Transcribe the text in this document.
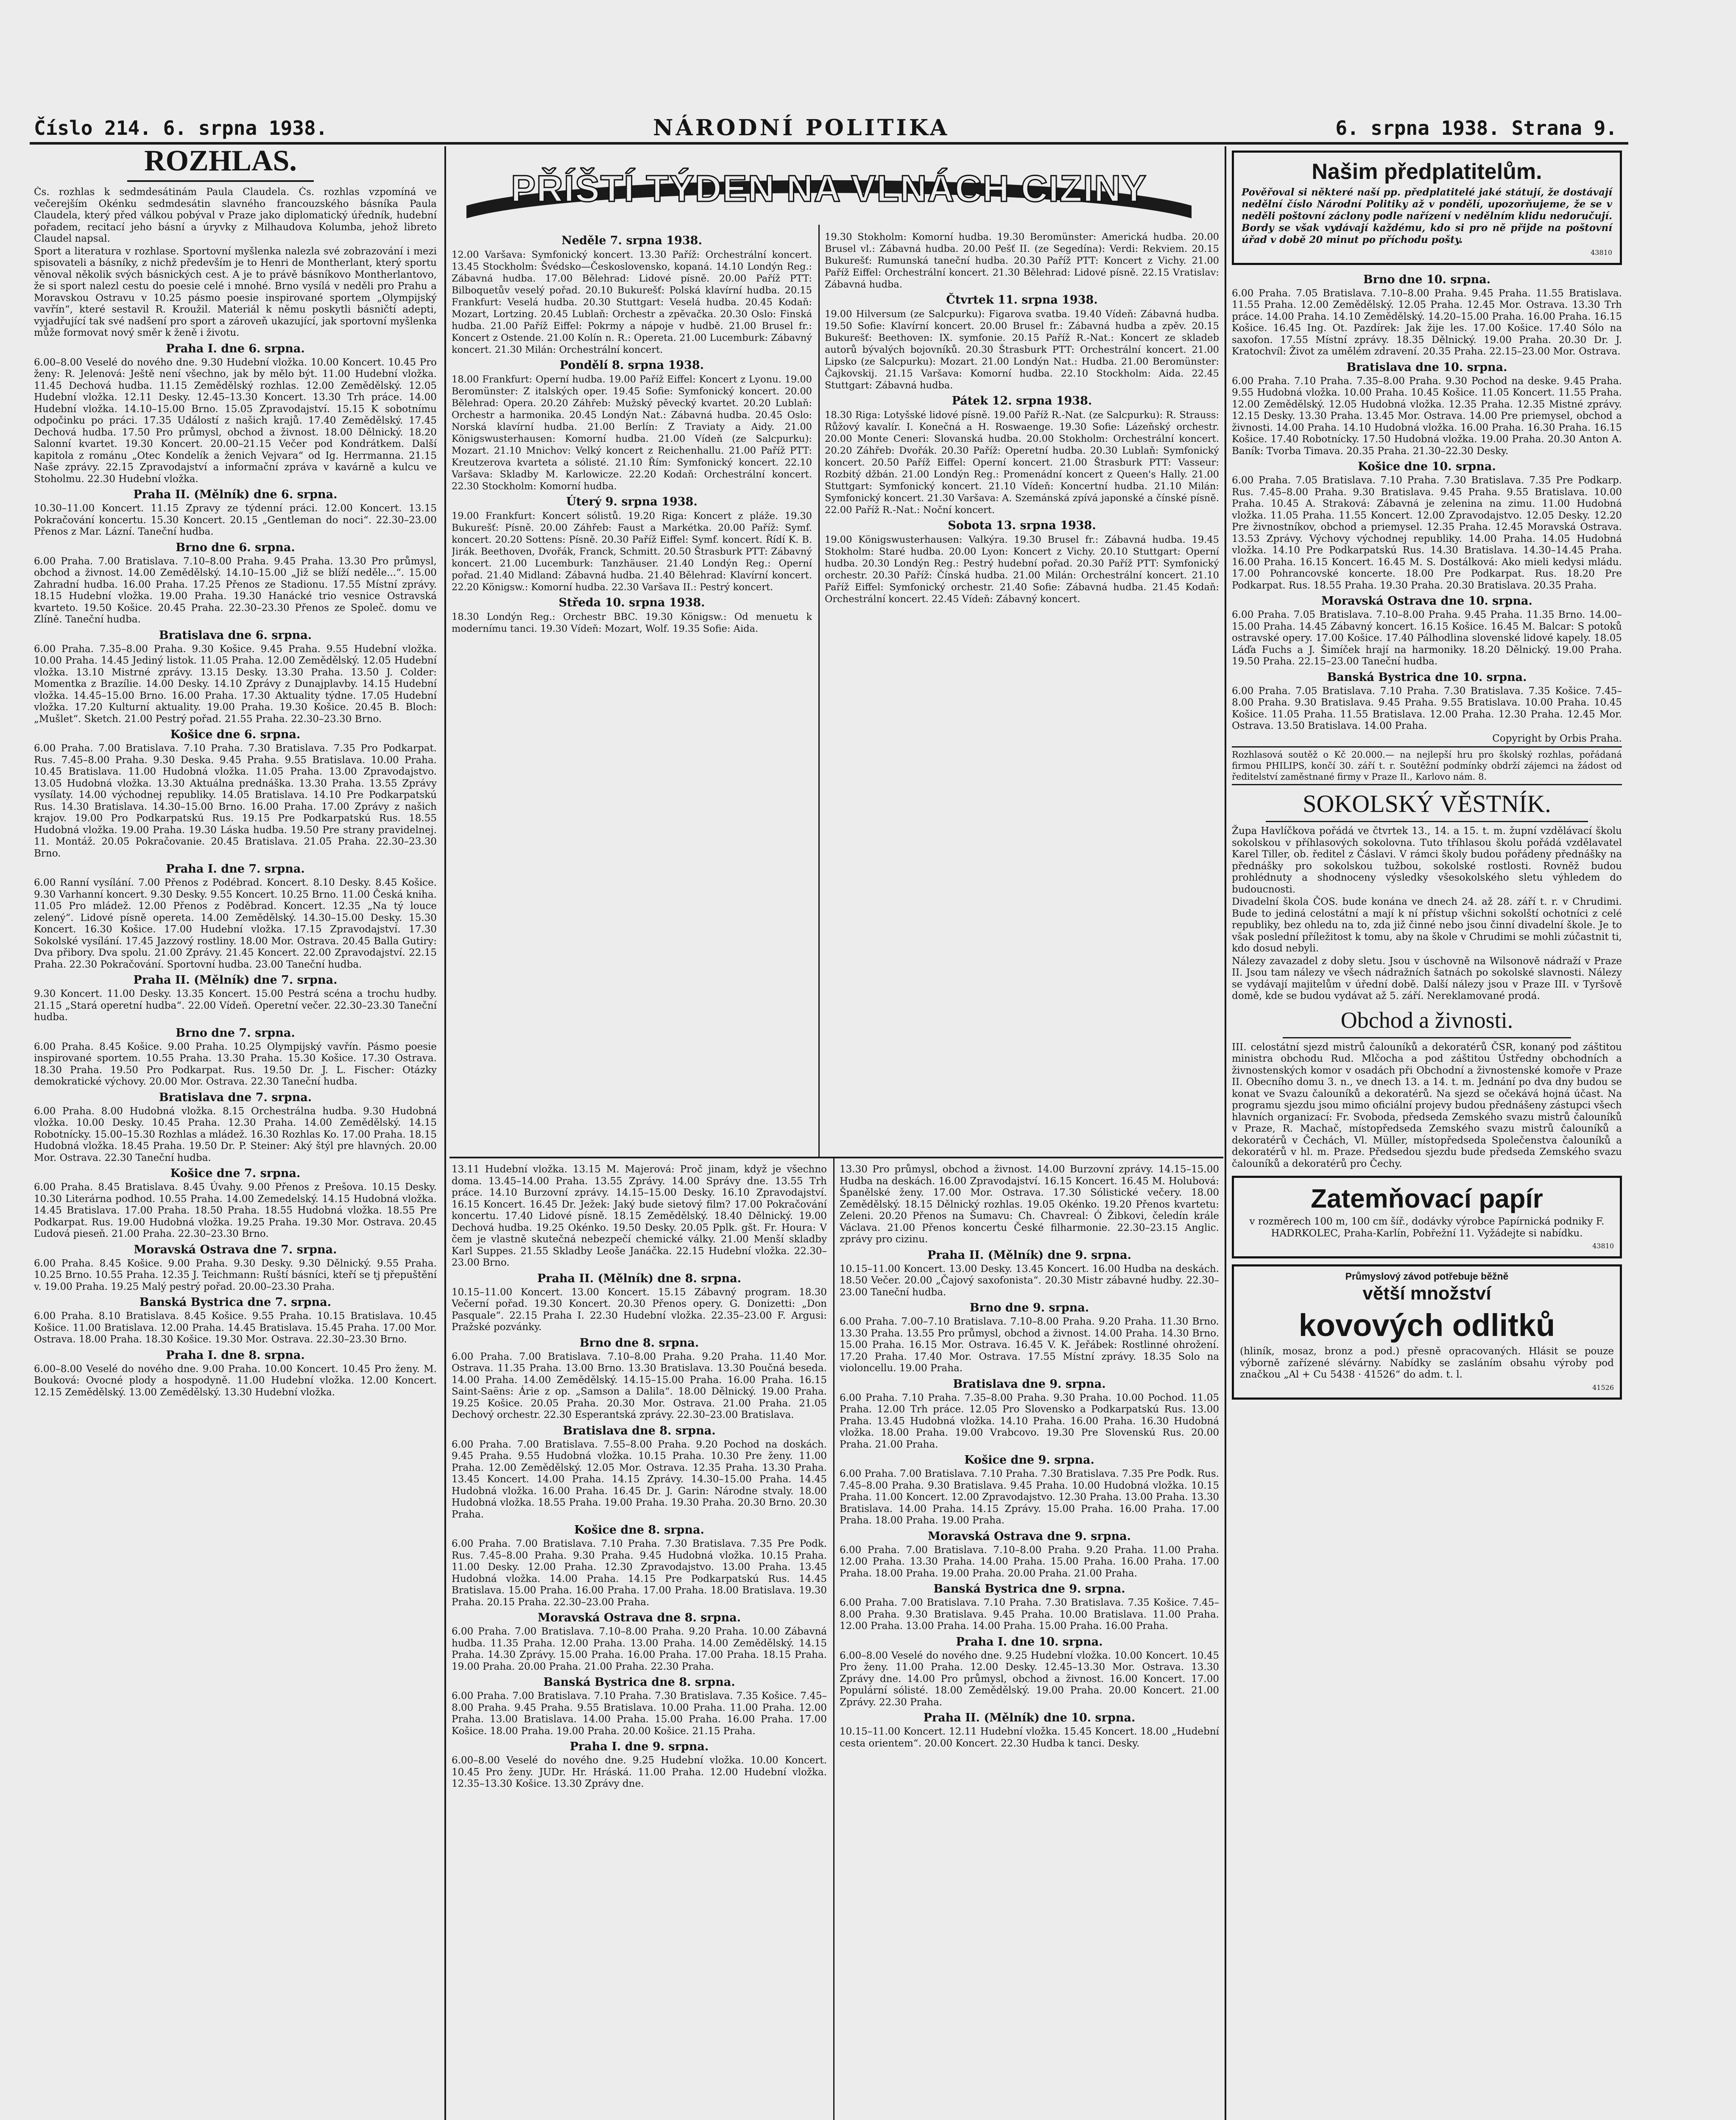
Číslo 214. 6. srpna 1938.	NÁRODNÍ POLITIKA	6. srpna 1938. Strana 9.
ROZHLAS.

Čs. rozhlas k sedmdesátinám Paula Claudela. Čs. rozhlas vzpomíná ve večerejším Okénku sedmdesátin slavného francouzského básníka Paula Claudela, který před válkou pobýval v Praze jako diplomatický úředník, hudební pořadem, recitací jeho básní a úryvky z Milhaudova Kolumba, jehož libreto Claudel napsal.

Sport a literatura v rozhlase. Sportovní myšlenka nalezla své zobrazování i mezi spisovateli a básníky, z nichž především je to Henri de Montherlant, který sportu věnoval několik svých básnických cest. A je to právě básníkovo Montherlantovo, že si sport nalezl cestu do poesie celé i mnohé. Brno vysílá v neděli pro Prahu a Moravskou Ostravu v 10.25 pásmo poesie inspirované sportem „Olympijský vavřín“, které sestavil R. Kroužil. Materiál k němu poskytli básničtí adepti, vyjadřující tak své nadšení pro sport a zároveň ukazující, jak sportovní myšlenka může formovat nový směr k ženě i životu.

Praha I. dne 6. srpna.

6.00–8.00 Veselé do nového dne. 9.30 Hudební vložka. 10.00 Koncert. 10.45 Pro ženy: R. Jelenová: Ještě není všechno, jak by mělo být. 11.00 Hudební vložka. 11.45 Dechová hudba. 11.15 Zemědělský rozhlas. 12.00 Zemědělský. 12.05 Hudební vložka. 12.11 Desky. 12.45–13.30 Koncert. 13.30 Trh práce. 14.00 Hudební vložka. 14.10–15.00 Brno. 15.05 Zpravodajství. 15.15 K sobotnímu odpočinku po práci. 17.35 Událostí z našich krajů. 17.40 Zemědělský. 17.45 Dechová hudba. 17.50 Pro průmysl, obchod a živnost. 18.00 Dělnický. 18.20 Salonní kvartet. 19.30 Koncert. 20.00–21.15 Večer pod Kondrátkem. Další kapitola z románu „Otec Kondelík a ženich Vejvara“ od Ig. Herrmanna. 21.15 Naše zprávy. 22.15 Zpravodajství a informační zpráva v kavárně a kulcu ve Stoholmu. 22.30 Hudební vložka.

Praha II. (Mělník) dne 6. srpna.

10.30–11.00 Koncert. 11.15 Zpravy ze týdenní práci. 12.00 Koncert. 13.15 Pokračování koncertu. 15.30 Koncert. 20.15 „Gentleman do noci“. 22.30–23.00 Přenos z Mar. Lázní. Taneční hudba.

Brno dne 6. srpna.

6.00 Praha. 7.00 Bratislava. 7.10–8.00 Praha. 9.45 Praha. 13.30 Pro průmysl, obchod a živnost. 14.00 Zemědělský. 14.10–15.00 „Již se blíží neděle...“. 15.00 Zahradní hudba. 16.00 Praha. 17.25 Přenos ze Stadionu. 17.55 Místní zprávy. 18.15 Hudební vložka. 19.00 Praha. 19.30 Hanácké trio vesnice Ostravská kvarteto. 19.50 Košice. 20.45 Praha. 22.30–23.30 Přenos ze Společ. domu ve Zlíně. Taneční hudba.

Bratislava dne 6. srpna.

6.00 Praha. 7.35–8.00 Praha. 9.30 Košice. 9.45 Praha. 9.55 Hudební vložka. 10.00 Praha. 14.45 Jediný listok. 11.05 Praha. 12.00 Zemědělský. 12.05 Hudební vložka. 13.10 Mistrné zprávy. 13.15 Desky. 13.30 Praha. 13.50 J. Colder: Momentka z Brazílie. 14.00 Desky. 14.10 Zprávy z Dunajplavby. 14.15 Hudební vložka. 14.45–15.00 Brno. 16.00 Praha. 17.30 Aktuality týdne. 17.05 Hudební vložka. 17.20 Kulturní aktuality. 19.00 Praha. 19.30 Košice. 20.45 B. Bloch: „Mušlet“. Sketch. 21.00 Pestrý pořad. 21.55 Praha. 22.30–23.30 Brno.

Košice dne 6. srpna.

6.00 Praha. 7.00 Bratislava. 7.10 Praha. 7.30 Bratislava. 7.35 Pro Podkarpat. Rus. 7.45–8.00 Praha. 9.30 Deska. 9.45 Praha. 9.55 Bratislava. 10.00 Praha. 10.45 Bratislava. 11.00 Hudobná vložka. 11.05 Praha. 13.00 Zpravodajstvo. 13.05 Hudobná vložka. 13.30 Aktuálna prednáška. 13.30 Praha. 13.55 Zprávy vysílaty. 14.00 východnej republiky. 14.05 Bratislava. 14.10 Pre Podkarpatskú Rus. 14.30 Bratislava. 14.30–15.00 Brno. 16.00 Praha. 17.00 Zprávy z našich krajov. 19.00 Pro Podkarpatskú Rus. 19.15 Pre Podkarpatskú Rus. 18.55 Hudobná vložka. 19.00 Praha. 19.30 Láska hudba. 19.50 Pre strany pravidelnej. 11. Montáž. 20.05 Pokračovanie. 20.45 Bratislava. 21.05 Praha. 22.30–23.30 Brno.

Praha I. dne 7. srpna.

6.00 Ranní vysílání. 7.00 Přenos z Podébrad. Koncert. 8.10 Desky. 8.45 Košice. 9.30 Varhanní koncert. 9.30 Desky. 9.55 Koncert. 10.25 Brno. 11.00 Česká kniha. 11.05 Pro mládež. 12.00 Přenos z Poděbrad. Koncert. 12.35 „Na tý louce zelený“. Lidové písně opereta. 14.00 Zemědělský. 14.30–15.00 Desky. 15.30 Koncert. 16.30 Košice. 17.00 Hudební vložka. 17.15 Zpravodajství. 17.30 Sokolské vysílání. 17.45 Jazzový rostliny. 18.00 Mor. Ostrava. 20.45 Balla Gutiry: Dva přibory. Dva spolu. 21.00 Zprávy. 21.45 Koncert. 22.00 Zpravodajství. 22.15 Praha. 22.30 Pokračování. Sportovní hudba. 23.00 Taneční hudba.

Praha II. (Mělník) dne 7. srpna.

9.30 Koncert. 11.00 Desky. 13.35 Koncert. 15.00 Pestrá scéna a trochu hudby. 21.15 „Stará operetní hudba“. 22.00 Vídeň. Operetní večer. 22.30–23.30 Taneční hudba.

Brno dne 7. srpna.

6.00 Praha. 8.45 Košice. 9.00 Praha. 10.25 Olympijský vavřín. Pásmo poesie inspirované sportem. 10.55 Praha. 13.30 Praha. 15.30 Košice. 17.30 Ostrava. 18.30 Praha. 19.50 Pro Podkarpat. Rus. 19.50 Dr. J. L. Fischer: Otázky demokratické výchovy. 20.00 Mor. Ostrava. 22.30 Taneční hudba.

Bratislava dne 7. srpna.

6.00 Praha. 8.00 Hudobná vložka. 8.15 Orchestrálna hudba. 9.30 Hudobná vložka. 10.00 Desky. 10.45 Praha. 12.30 Praha. 14.00 Zemědělský. 14.15 Robotnícky. 15.00–15.30 Rozhlas a mládež. 16.30 Rozhlas Ko. 17.00 Praha. 18.15 Hudobná vložka. 18.45 Praha. 19.50 Dr. P. Steiner: Aký štýl pre hlavných. 20.00 Mor. Ostrava. 22.30 Taneční hudba.

Košice dne 7. srpna.

6.00 Praha. 8.45 Bratislava. 8.45 Úvahy. 9.00 Přenos z Prešova. 10.15 Desky. 10.30 Literárna podhod. 10.55 Praha. 14.00 Zemedelský. 14.15 Hudobná vložka. 14.45 Bratislava. 17.00 Praha. 18.50 Praha. 18.55 Hudobná vložka. 18.55 Pre Podkarpat. Rus. 19.00 Hudobná vložka. 19.25 Praha. 19.30 Mor. Ostrava. 20.45 Ľudová pieseň. 21.00 Praha. 22.30–23.30 Brno.

Moravská Ostrava dne 7. srpna.

6.00 Praha. 8.45 Košice. 9.00 Praha. 9.30 Desky. 9.30 Dělnický. 9.55 Praha. 10.25 Brno. 10.55 Praha. 12.35 J. Teichmann: Ruští básníci, kteří se tj přepuštění v. 19.00 Praha. 19.25 Malý pestrý pořad. 20.00–23.30 Praha.

Banská Bystrica dne 7. srpna.

6.00 Praha. 8.10 Bratislava. 8.45 Košice. 9.55 Praha. 10.15 Bratislava. 10.45 Košice. 11.00 Bratislava. 12.00 Praha. 14.45 Bratislava. 15.45 Praha. 17.00 Mor. Ostrava. 18.00 Praha. 18.30 Košice. 19.30 Mor. Ostrava. 22.30–23.30 Brno.

Praha I. dne 8. srpna.

6.00–8.00 Veselé do nového dne. 9.00 Praha. 10.00 Koncert. 10.45 Pro ženy. M. Bouková: Ovocné plody a hospodyně. 11.00 Hudební vložka. 12.00 Koncert. 12.15 Zemědělský. 13.00 Zemědělský. 13.30 Hudební vložka.

PŘÍŠTÍ TÝDEN NA VLNÁCH CIZINY
Neděle 7. srpna 1938.

12.00 Varšava: Symfonický koncert. 13.30 Paříž: Orchestrální koncert. 13.45 Stockholm: Švédsko—Československo, kopaná. 14.10 Londýn Reg.: Zábavná hudba. 17.00 Bělehrad: Lidové písně. 20.00 Paříž PTT: Bilboquetův veselý pořad. 20.10 Bukurešť: Polská klavírní hudba. 20.15 Frankfurt: Veselá hudba. 20.30 Stuttgart: Veselá hudba. 20.45 Kodaň: Mozart, Lortzing. 20.45 Lublaň: Orchestr a zpěvačka. 20.30 Oslo: Finská hudba. 21.00 Paříž Eiffel: Pokrmy a nápoje v hudbě. 21.00 Brusel fr.: Koncert z Ostende. 21.00 Kolín n. R.: Opereta. 21.00 Lucemburk: Zábavný koncert. 21.30 Milán: Orchestrální koncert.

Pondělí 8. srpna 1938.

18.00 Frankfurt: Operní hudba. 19.00 Paříž Eiffel: Koncert z Lyonu. 19.00 Beromünster: Z italských oper. 19.45 Sofie: Symfonický koncert. 20.00 Bělehrad: Opera. 20.20 Záhřeb: Mužský pěvecký kvartet. 20.20 Lublaň: Orchestr a harmonika. 20.45 Londýn Nat.: Zábavná hudba. 20.45 Oslo: Norská klavírní hudba. 21.00 Berlín: Z Traviaty a Aidy. 21.00 Königswusterhausen: Komorní hudba. 21.00 Vídeň (ze Salcpurku): Mozart. 21.10 Mnichov: Velký koncert z Reichenhallu. 21.00 Paříž PTT: Kreutzerova kvarteta a sólisté. 21.10 Řím: Symfonický koncert. 22.10 Varšava: Skladby M. Karlowicze. 22.20 Kodaň: Orchestrální koncert. 22.30 Stockholm: Komorní hudba.

Úterý 9. srpna 1938.

19.00 Frankfurt: Koncert sólistů. 19.20 Riga: Koncert z pláže. 19.30 Bukurešť: Písně. 20.00 Záhřeb: Faust a Markétka. 20.00 Paříž: Symf. koncert. 20.20 Sottens: Písně. 20.30 Paříž Eiffel: Symf. koncert. Řídí K. B. Jirák. Beethoven, Dvořák, Franck, Schmitt. 20.50 Štrasburk PTT: Zábavný koncert. 21.00 Lucemburk: Tanzhäuser. 21.40 Londýn Reg.: Operní pořad. 21.40 Midland: Zábavná hudba. 21.40 Bělehrad: Klavírní koncert. 22.20 Königsw.: Komorní hudba. 22.30 Varšava II.: Pestrý koncert.

Středa 10. srpna 1938.

18.30 Londýn Reg.: Orchestr BBC. 19.30 Königsw.: Od menuetu k modernímu tanci. 19.30 Vídeň: Mozart, Wolf. 19.35 Sofie: Aida.

19.30 Stokholm: Komorní hudba. 19.30 Beromünster: Americká hudba. 20.00 Brusel vl.: Zábavná hudba. 20.00 Pešť II. (ze Segedína): Verdi: Rekviem. 20.15 Bukurešť: Rumunská taneční hudba. 20.30 Paříž PTT: Koncert z Vichy. 21.00 Paříž Eiffel: Orchestrální koncert. 21.30 Bělehrad: Lidové písně. 22.15 Vratislav: Zábavná hudba.

Čtvrtek 11. srpna 1938.

19.00 Hilversum (ze Salcpurku): Figarova svatba. 19.40 Vídeň: Zábavná hudba. 19.50 Sofie: Klavírní koncert. 20.00 Brusel fr.: Zábavná hudba a zpěv. 20.15 Bukurešť: Beethoven: IX. symfonie. 20.15 Paříž R.-Nat.: Koncert ze skladeb autorů bývalých bojovníků. 20.30 Štrasburk PTT: Orchestrální koncert. 21.00 Lipsko (ze Salcpurku): Mozart. 21.00 Londýn Nat.: Hudba. 21.00 Beromünster: Čajkovskij. 21.15 Varšava: Komorní hudba. 22.10 Stockholm: Aida. 22.45 Stuttgart: Zábavná hudba.

Pátek 12. srpna 1938.

18.30 Riga: Lotyšské lidové písně. 19.00 Paříž R.-Nat. (ze Salcpurku): R. Strauss: Růžový kavalír. I. Konečná a H. Roswaenge. 19.30 Sofie: Lázeňský orchestr. 20.00 Monte Ceneri: Slovanská hudba. 20.00 Stokholm: Orchestrální koncert. 20.20 Záhřeb: Dvořák. 20.30 Paříž: Operetní hudba. 20.30 Lublaň: Symfonický koncert. 20.50 Paříž Eiffel: Operní koncert. 21.00 Štrasburk PTT: Vasseur: Rozbitý džbán. 21.00 Londýn Reg.: Promenádní koncert z Queen's Hally. 21.00 Stuttgart: Symfonický koncert. 21.10 Vídeň: Koncertní hudba. 21.10 Milán: Symfonický koncert. 21.30 Varšava: A. Szemánská zpívá japonské a čínské písně. 22.00 Paříž R.-Nat.: Noční koncert.

Sobota 13. srpna 1938.

19.00 Königswusterhausen: Valkýra. 19.30 Brusel fr.: Zábavná hudba. 19.45 Stokholm: Staré hudba. 20.00 Lyon: Koncert z Vichy. 20.10 Stuttgart: Operní hudba. 20.30 Londýn Reg.: Pestrý hudební pořad. 20.30 Paříž PTT: Symfonický orchestr. 20.30 Paříž: Čínská hudba. 21.00 Milán: Orchestrální koncert. 21.10 Paříž Eiffel: Symfonický orchestr. 21.40 Sofie: Zábavná hudba. 21.45 Kodaň: Orchestrální koncert. 22.45 Vídeň: Zábavný koncert.

13.11 Hudební vložka. 13.15 M. Majerová: Proč jinam, když je všechno doma. 13.45–14.00 Praha. 13.55 Zprávy. 14.00 Správy dne. 13.55 Trh práce. 14.10 Burzovní zprávy. 14.15–15.00 Desky. 16.10 Zpravodajství. 16.15 Koncert. 16.45 Dr. Ježek: Jaký bude sietový film? 17.00 Pokračování koncertu. 17.40 Lidové písně. 18.15 Zemědělský. 18.40 Dělnický. 19.00 Dechová hudba. 19.25 Okénko. 19.50 Desky. 20.05 Pplk. gšt. Fr. Houra: V čem je vlastně skutečná nebezpečí chemické války. 21.00 Menší skladby Karl Suppes. 21.55 Skladby Leoše Janáčka. 22.15 Hudební vložka. 22.30–23.00 Brno.

Praha II. (Mělník) dne 8. srpna.

10.15–11.00 Koncert. 13.00 Koncert. 15.15 Zábavný program. 18.30 Večerní pořad. 19.30 Koncert. 20.30 Přenos opery. G. Donizetti: „Don Pasquale“. 22.15 Praha I. 22.30 Hudební vložka. 22.35–23.00 F. Argusi: Pražské pozvánky.

Brno dne 8. srpna.

6.00 Praha. 7.00 Bratislava. 7.10–8.00 Praha. 9.20 Praha. 11.40 Mor. Ostrava. 11.35 Praha. 13.00 Brno. 13.30 Bratislava. 13.30 Poučná beseda. 14.00 Praha. 14.00 Zemědělský. 14.15–15.00 Praha. 16.00 Praha. 16.15 Saint-Saëns: Árie z op. „Samson a Dalila“. 18.00 Dělnický. 19.00 Praha. 19.25 Košice. 20.05 Praha. 20.30 Mor. Ostrava. 21.00 Praha. 21.05 Dechový orchestr. 22.30 Esperantská zprávy. 22.30–23.00 Bratislava.

Bratislava dne 8. srpna.

6.00 Praha. 7.00 Bratislava. 7.55–8.00 Praha. 9.20 Pochod na doskách. 9.45 Praha. 9.55 Hudobná vložka. 10.15 Praha. 10.30 Pre ženy. 11.00 Praha. 12.00 Zemědělský. 12.05 Mor. Ostrava. 12.35 Praha. 13.30 Praha. 13.45 Koncert. 14.00 Praha. 14.15 Zprávy. 14.30–15.00 Praha. 14.45 Hudobná vložka. 16.00 Praha. 16.45 Dr. J. Garin: Národne stvaly. 18.00 Hudobná vložka. 18.55 Praha. 19.00 Praha. 19.30 Praha. 20.30 Brno. 20.30 Praha.

Košice dne 8. srpna.

6.00 Praha. 7.00 Bratislava. 7.10 Praha. 7.30 Bratislava. 7.35 Pre Podk. Rus. 7.45–8.00 Praha. 9.30 Praha. 9.45 Hudobná vložka. 10.15 Praha. 11.00 Desky. 12.00 Praha. 12.30 Zpravodajstvo. 13.00 Praha. 13.45 Hudobná vložka. 14.00 Praha. 14.15 Pre Podkarpatskú Rus. 14.45 Bratislava. 15.00 Praha. 16.00 Praha. 17.00 Praha. 18.00 Bratislava. 19.30 Praha. 20.15 Praha. 22.30–23.00 Praha.

Moravská Ostrava dne 8. srpna.

6.00 Praha. 7.00 Bratislava. 7.10–8.00 Praha. 9.20 Praha. 10.00 Zábavná hudba. 11.35 Praha. 12.00 Praha. 13.00 Praha. 14.00 Zemědělský. 14.15 Praha. 14.30 Zprávy. 15.00 Praha. 16.00 Praha. 17.00 Praha. 18.15 Praha. 19.00 Praha. 20.00 Praha. 21.00 Praha. 22.30 Praha.

Banská Bystrica dne 8. srpna.

6.00 Praha. 7.00 Bratislava. 7.10 Praha. 7.30 Bratislava. 7.35 Košice. 7.45–8.00 Praha. 9.45 Praha. 9.55 Bratislava. 10.00 Praha. 11.00 Praha. 12.00 Praha. 13.00 Bratislava. 14.00 Praha. 15.00 Praha. 16.00 Praha. 17.00 Košice. 18.00 Praha. 19.00 Praha. 20.00 Košice. 21.15 Praha.

Praha I. dne 9. srpna.

6.00–8.00 Veselé do nového dne. 9.25 Hudební vložka. 10.00 Koncert. 10.45 Pro ženy. JUDr. Hr. Hráská. 11.00 Praha. 12.00 Hudební vložka. 12.35–13.30 Košice. 13.30 Zprávy dne.

13.30 Pro průmysl, obchod a živnost. 14.00 Burzovní zprávy. 14.15–15.00 Hudba na deskách. 16.00 Zpravodajství. 16.15 Koncert. 16.45 M. Holubová: Španělské ženy. 17.00 Mor. Ostrava. 17.30 Sólistické večery. 18.00 Zemědělský. 18.15 Dělnický rozhlas. 19.05 Okénko. 19.20 Přenos kvartetu: Zeleni. 20.20 Přenos na Šumavu: Ch. Chavreal: Ó Žibkovi, čeledín krále Václava. 21.00 Přenos koncertu České filharmonie. 22.30–23.15 Anglic. zprávy pro cizinu.

Praha II. (Mělník) dne 9. srpna.

10.15–11.00 Koncert. 13.00 Desky. 13.45 Koncert. 16.00 Hudba na deskách. 18.50 Večer. 20.00 „Čajový saxofonista“. 20.30 Mistr zábavné hudby. 22.30–23.00 Taneční hudba.

Brno dne 9. srpna.

6.00 Praha. 7.00–7.10 Bratislava. 7.10–8.00 Praha. 9.20 Praha. 11.30 Brno. 13.30 Praha. 13.55 Pro průmysl, obchod a živnost. 14.00 Praha. 14.30 Brno. 15.00 Praha. 16.15 Mor. Ostrava. 16.45 V. K. Jeřábek: Rostlinné ohrožení. 17.20 Praha. 17.40 Mor. Ostrava. 17.55 Místní zprávy. 18.35 Solo na violoncellu. 19.00 Praha.

Bratislava dne 9. srpna.

6.00 Praha. 7.10 Praha. 7.35–8.00 Praha. 9.30 Praha. 10.00 Pochod. 11.05 Praha. 12.00 Trh práce. 12.05 Pro Slovensko a Podkarpatskú Rus. 13.00 Praha. 13.45 Hudobná vložka. 14.10 Praha. 16.00 Praha. 16.30 Hudobná vložka. 18.00 Praha. 19.00 Vrabcovo. 19.30 Pre Slovenskú Rus. 20.00 Praha. 21.00 Praha.

Košice dne 9. srpna.

6.00 Praha. 7.00 Bratislava. 7.10 Praha. 7.30 Bratislava. 7.35 Pre Podk. Rus. 7.45–8.00 Praha. 9.30 Bratislava. 9.45 Praha. 10.00 Hudobná vložka. 10.15 Praha. 11.00 Koncert. 12.00 Zpravodajstvo. 12.30 Praha. 13.00 Praha. 13.30 Bratislava. 14.00 Praha. 14.15 Zprávy. 15.00 Praha. 16.00 Praha. 17.00 Praha. 18.00 Praha. 19.00 Praha.

Moravská Ostrava dne 9. srpna.

6.00 Praha. 7.00 Bratislava. 7.10–8.00 Praha. 9.20 Praha. 11.00 Praha. 12.00 Praha. 13.30 Praha. 14.00 Praha. 15.00 Praha. 16.00 Praha. 17.00 Praha. 18.00 Praha. 19.00 Praha. 20.00 Praha. 21.00 Praha.

Banská Bystrica dne 9. srpna.

6.00 Praha. 7.00 Bratislava. 7.10 Praha. 7.30 Bratislava. 7.35 Košice. 7.45–8.00 Praha. 9.30 Bratislava. 9.45 Praha. 10.00 Bratislava. 11.00 Praha. 12.00 Praha. 13.00 Praha. 14.00 Praha. 15.00 Praha. 16.00 Praha.

Praha I. dne 10. srpna.

6.00–8.00 Veselé do nového dne. 9.25 Hudební vložka. 10.00 Koncert. 10.45 Pro ženy. 11.00 Praha. 12.00 Desky. 12.45–13.30 Mor. Ostrava. 13.30 Zprávy dne. 14.00 Pro průmysl, obchod a živnost. 16.00 Koncert. 17.00 Populární sólisté. 18.00 Zemědělský. 19.00 Praha. 20.00 Koncert. 21.00 Zprávy. 22.30 Praha.

Praha II. (Mělník) dne 10. srpna.

10.15–11.00 Koncert. 12.11 Hudební vložka. 15.45 Koncert. 18.00 „Hudební cesta orientem“. 20.00 Koncert. 22.30 Hudba k tanci. Desky.

Našim předplatitelům.

Pověřoval si některé naší pp. předplatitelé jaké státují, že dostávají nedělní číslo Národní Politiky až v pondělí, upozorňujeme, že se v neděli poštovní záclony podle nařízení v nedělním klidu nedoručují. Bordy se však vydávají každému, kdo si pro ně přijde na poštovní úřad v době 20 minut po příchodu pošty.

43810
Brno dne 10. srpna.

6.00 Praha. 7.05 Bratislava. 7.10–8.00 Praha. 9.45 Praha. 11.55 Bratislava. 11.55 Praha. 12.00 Zemědělský. 12.05 Praha. 12.45 Mor. Ostrava. 13.30 Trh práce. 14.00 Praha. 14.10 Zemědělský. 14.20–15.00 Praha. 16.00 Praha. 16.15 Košice. 16.45 Ing. Ot. Pazdírek: Jak žije les. 17.00 Košice. 17.40 Sólo na saxofon. 17.55 Místní zprávy. 18.35 Dělnický. 19.00 Praha. 20.30 Dr. J. Kratochvíl: Život za umělém zdravení. 20.35 Praha. 22.15–23.00 Mor. Ostrava.

Bratislava dne 10. srpna.

6.00 Praha. 7.10 Praha. 7.35–8.00 Praha. 9.30 Pochod na deske. 9.45 Praha. 9.55 Hudobná vložka. 10.00 Praha. 10.45 Košice. 11.05 Koncert. 11.55 Praha. 12.00 Zemědělský. 12.05 Hudobná vložka. 12.35 Praha. 12.35 Mistné zprávy. 12.15 Desky. 13.30 Praha. 13.45 Mor. Ostrava. 14.00 Pre priemysel, obchod a živnosti. 14.00 Praha. 14.10 Hudobná vložka. 16.00 Praha. 16.30 Praha. 16.15 Košice. 17.40 Robotnícky. 17.50 Hudobná vložka. 19.00 Praha. 20.30 Anton A. Baník: Tvorba Timava. 20.35 Praha. 21.30–22.30 Desky.

Košice dne 10. srpna.

6.00 Praha. 7.05 Bratislava. 7.10 Praha. 7.30 Bratislava. 7.35 Pre Podkarp. Rus. 7.45–8.00 Praha. 9.30 Bratislava. 9.45 Praha. 9.55 Bratislava. 10.00 Praha. 10.45 A. Straková: Zábavná je zelenina na zimu. 11.00 Hudobná vložka. 11.05 Praha. 11.55 Koncert. 12.00 Zpravodajstvo. 12.05 Desky. 12.20 Pre živnostníkov, obchod a priemysel. 12.35 Praha. 12.45 Moravská Ostrava. 13.53 Zprávy. Výchovy východnej republiky. 14.00 Praha. 14.05 Hudobná vložka. 14.10 Pre Podkarpatskú Rus. 14.30 Bratislava. 14.30–14.45 Praha. 16.00 Praha. 16.15 Koncert. 16.45 M. S. Dostálková: Ako mieli kedysi mládu. 17.00 Pohrancovské koncerte. 18.00 Pre Podkarpat. Rus. 18.20 Pre Podkarpat. Rus. 18.55 Praha. 19.30 Praha. 20.30 Bratislava. 20.35 Praha.

Moravská Ostrava dne 10. srpna.

6.00 Praha. 7.05 Bratislava. 7.10–8.00 Praha. 9.45 Praha. 11.35 Brno. 14.00–15.00 Praha. 14.45 Zábavný koncert. 16.15 Košice. 16.45 M. Balcar: S potoků ostravské opery. 17.00 Košice. 17.40 Pálhodlina slovenské lidové kapely. 18.05 Láďa Fuchs a J. Šimíček hrají na harmoniky. 18.20 Dělnický. 19.00 Praha. 19.50 Praha. 22.15–23.00 Taneční hudba.

Banská Bystrica dne 10. srpna.

6.00 Praha. 7.05 Bratislava. 7.10 Praha. 7.30 Bratislava. 7.35 Košice. 7.45–8.00 Praha. 9.30 Bratislava. 9.45 Praha. 9.55 Bratislava. 10.00 Praha. 10.45 Košice. 11.05 Praha. 11.55 Bratislava. 12.00 Praha. 12.30 Praha. 12.45 Mor. Ostrava. 13.50 Bratislava. 14.00 Praha.

Copyright by Orbis Praha.

Rozhlasová soutěž o Kč 20.000.— na nejlepší hru pro školský rozhlas, pořádaná firmou PHILIPS, končí 30. září t. r. Soutěžní podmínky obdrží zájemci na žádost od ředitelství zaměstnané firmy v Praze II., Karlovo nám. 8.

SOKOLSKÝ VĚSTNÍK.

Župa Havlíčkova pořádá ve čtvrtek 13., 14. a 15. t. m. župní vzdělávací školu sokolskou v příhlasových sokolovna. Tuto tříhlasou školu pořádá vzdělavatel Karel Tiller, ob. ředitel z Čáslavi. V rámci školy budou pořádeny přednášky na přednášky pro sokolskou tužbou, sokolské rostlosti. Rovněž budou prohlédnuty a shodnoceny výsledky všesokolského sletu výhledem do budoucnosti.

Divadelní škola ČOS. bude konána ve dnech 24. až 28. září t. r. v Chrudimi. Bude to jediná celostátní a mají k ní přístup všichni sokolští ochotníci z celé republiky, bez ohledu na to, zda již činné nebo jsou činní divadelní škole. Je to však poslední příležitost k tomu, aby na škole v Chrudimi se mohli zúčastnit ti, kdo dosud nebyli.

Nálezy zavazadel z doby sletu. Jsou v úschovně na Wilsonově nádraží v Praze II. Jsou tam nálezy ve všech nádražních šatnách po sokolské slavnosti. Nálezy se vydávají majitelům v úřední době. Další nálezy jsou v Praze III. v Tyršově domě, kde se budou vydávat až 5. září. Nereklamované prodá.

Obchod a živnosti.

III. celostátní sjezd mistrů čalouníků a dekoratérů ČSR, konaný pod záštitou ministra obchodu Rud. Mlčocha a pod záštitou Ústředny obchodních a živnostenských komor v osadách při Obchodní a živnostenské komoře v Praze II. Obecního domu 3. n., ve dnech 13. a 14. t. m. Jednání po dva dny budou se konat ve Svazu čalouníků a dekoratérů. Na sjezd se očekává hojná účast. Na programu sjezdu jsou mimo oficiální projevy budou přednášeny zástupci všech hlavních organizací: Fr. Svoboda, předseda Zemského svazu mistrů čalouníků v Praze, R. Machač, místopředseda Zemského svazu mistrů čalouníků a dekoratérů v Čechách, Vl. Müller, místopředseda Společenstva čalouníků a dekoratérů v hl. m. Praze. Předsedou sjezdu bude předseda Zemského svazu čalouníků a dekoratérů pro Čechy.

Zatemňovací papír

v rozměrech 100 m, 100 cm šíř., dodávky výrobce Papírnická podniky F. HADRKOLEC, Praha-Karlín, Pobřežní 11. Vyžádejte si nabídku.

43810
Průmyslový závod potřebuje běžně
větší množství
kovových odlitků

(hliník, mosaz, bronz a pod.) přesně opracovaných. Hlásit se pouze výborně zařízené slévárny. Nabídky se zasláním obsahu výroby pod značkou „Al + Cu 5438 · 41526“ do adm. t. l.

41526
